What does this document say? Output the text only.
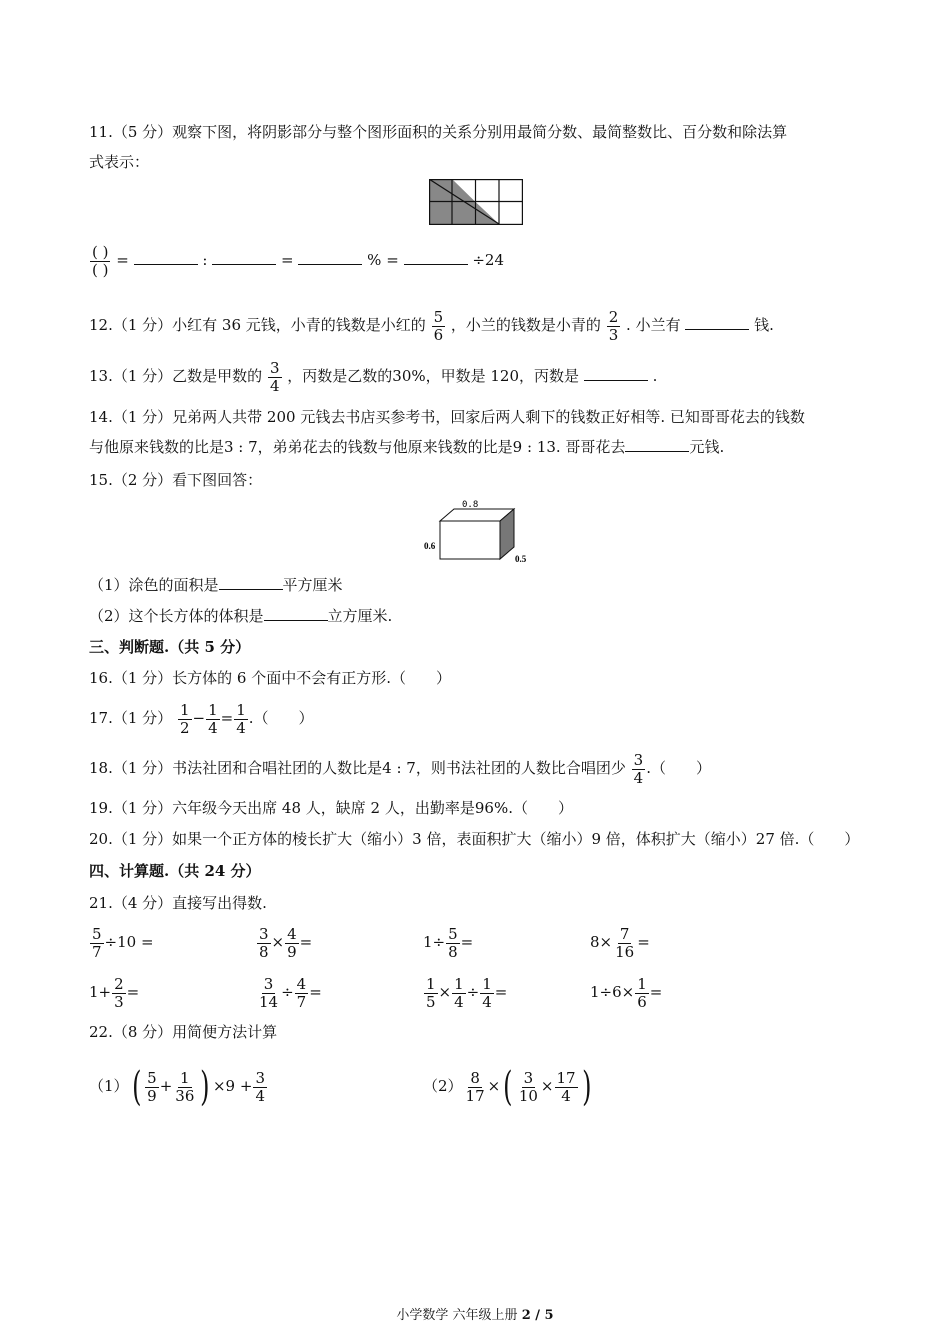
11.（5 分）观察下图，将阴影部分与整个图形面积的关系分别用最简分数、最简整数比、百分数和除法算
式表示：
$\frac{( )}{( )}$ =	:	=	% =	÷24
12.（1 分）小红有 36 元钱，小青的钱数是小红的 $\frac{5}{6}$ ，小兰的钱数是小青的 $\frac{2}{3}$ . 小兰有	钱.
13.（1 分）乙数是甲数的 $\frac{3}{4}$ ，丙数是乙数的30%，甲数是 120，丙数是	.
14.（1 分）兄弟两人共带 200 元钱去书店买参考书，回家后两人剩下的钱数正好相等. 已知哥哥花去的钱数
与他原来钱数的比是3 : 7，弟弟花去的钱数与他原来钱数的比是9 : 13. 哥哥花去	元钱.
15.（2 分）看下图回答：
0.8
0.6
0.5
（1）涂色的面积是	平方厘米
（2）这个长方体的体积是	立方厘米.
三、判断题.（共 5 分）
16.（1 分）长方体的 6 个面中不会有正方形.（　　）
17.（1 分） $\frac{1}{2} - \frac{1}{4} = \frac{1}{4}$ .（　　）
18.（1 分）书法社团和合唱社团的人数比是4 : 7，则书法社团的人数比合唱团少 $\frac{3}{4}$ .（　　）
19.（1 分）六年级今天出席 48 人，缺席 2 人，出勤率是96%.（　　）
20.（1 分）如果一个正方体的棱长扩大（缩小）3 倍，表面积扩大（缩小）9 倍，体积扩大（缩小）27 倍.（　　）
四、计算题.（共 24 分）
21.（4 分）直接写出得数.
$\frac{5}{7} \div 10$ =	$\frac{3}{8} \times \frac{4}{9}$ =	$1\div \frac{5}{8}$ =	$8\times \frac{7}{16}$ =
$1+ \frac{2}{3}$ =	$\frac{3}{14} \div \frac{4}{7}$ =	$\frac{1}{5} \times \frac{1}{4} \div \frac{1}{4}$ =	$1\div 6\times \frac{1}{6}$ =
22.（8 分）用简便方法计算
$(1)( \frac{5}{9} + \frac{1}{36}$ ) $\times 9 + \frac{3}{4}$	$(2) \frac{8}{17}$ ×( $\frac{3}{10} \times \frac{17}{4}$ )
小学数学 六年级上册 2 / 5
